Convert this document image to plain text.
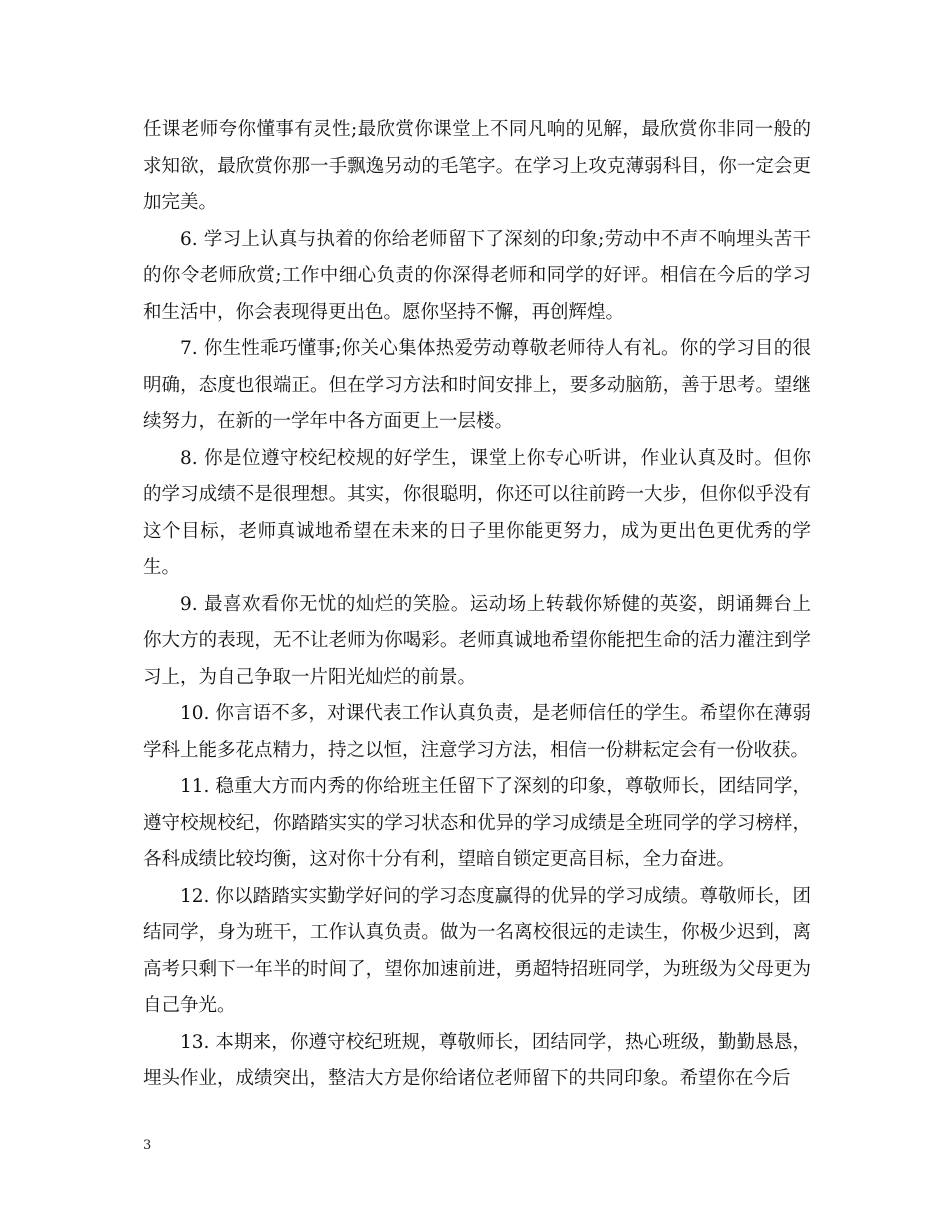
任课老师夸你懂事有灵性;最欣赏你课堂上不同凡响的见解，最欣赏你非同一般的求知欲，最欣赏你那一手飘逸另动的毛笔字。在学习上攻克薄弱科目，你一定会更加完美。

6. 学习上认真与执着的你给老师留下了深刻的印象;劳动中不声不响埋头苦干的你令老师欣赏;工作中细心负责的你深得老师和同学的好评。相信在今后的学习和生活中，你会表现得更出色。愿你坚持不懈，再创辉煌。

7. 你生性乖巧懂事;你关心集体热爱劳动尊敬老师待人有礼。你的学习目的很明确，态度也很端正。但在学习方法和时间安排上，要多动脑筋，善于思考。望继续努力，在新的一学年中各方面更上一层楼。

8. 你是位遵守校纪校规的好学生，课堂上你专心听讲，作业认真及时。但你的学习成绩不是很理想。其实，你很聪明，你还可以往前跨一大步，但你似乎没有这个目标，老师真诚地希望在未来的日子里你能更努力，成为更出色更优秀的学生。

9. 最喜欢看你无忧的灿烂的笑脸。运动场上转载你矫健的英姿，朗诵舞台上你大方的表现，无不让老师为你喝彩。老师真诚地希望你能把生命的活力灌注到学习上，为自己争取一片阳光灿烂的前景。

10. 你言语不多，对课代表工作认真负责，是老师信任的学生。希望你在薄弱学科上能多花点精力，持之以恒，注意学习方法，相信一份耕耘定会有一份收获。

11. 稳重大方而内秀的你给班主任留下了深刻的印象，尊敬师长，团结同学，遵守校规校纪，你踏踏实实的学习状态和优异的学习成绩是全班同学的学习榜样，各科成绩比较均衡，这对你十分有利，望暗自锁定更高目标，全力奋进。

12. 你以踏踏实实勤学好问的学习态度赢得的优异的学习成绩。尊敬师长，团结同学，身为班干，工作认真负责。做为一名离校很远的走读生，你极少迟到，离高考只剩下一年半的时间了，望你加速前进，勇超特招班同学，为班级为父母更为自己争光。

13. 本期来，你遵守校纪班规，尊敬师长，团结同学，热心班级，勤勤恳恳，埋头作业，成绩突出，整洁大方是你给诸位老师留下的共同印象。希望你在今后

3
